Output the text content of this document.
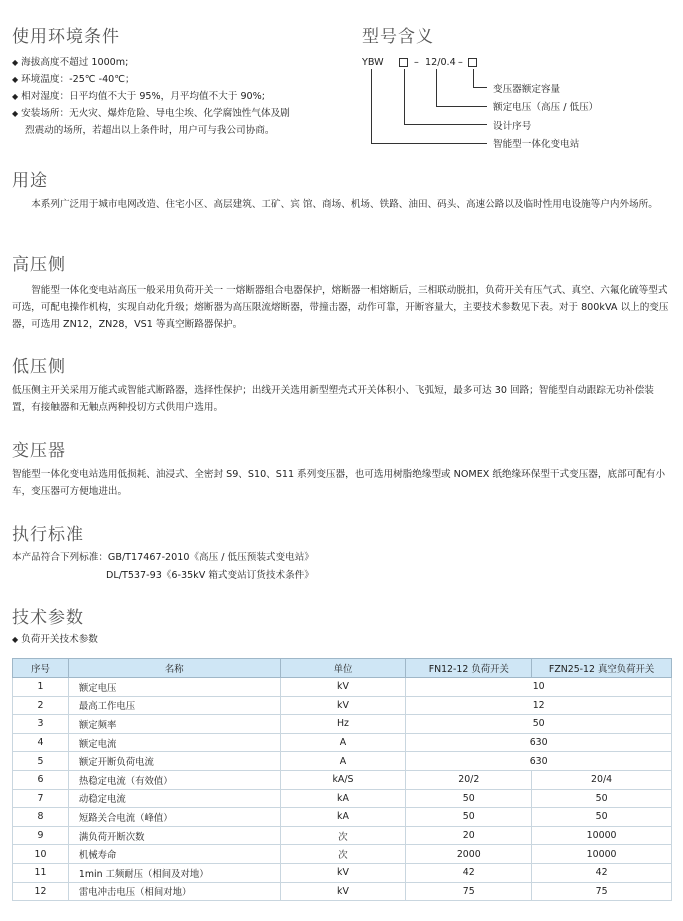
使用环境条件
◆ 海拔高度不超过 1000m;
◆ 环境温度：-25℃ -40℃；
◆ 相对湿度：日平均值不大于 95%，月平均值不大于 90%;
◆ 安装场所：无火灾、爆炸危险、导电尘埃、化学腐蚀性气体及剧
烈震动的场所，若超出以上条件时，用户可与我公司协商。
型号含义
YBW	– 12/0.4 –
变压器额定容量
额定电压（高压 / 低压）
设计序号
智能型一体化变电站
用途
本系列广泛用于城市电网改造、住宅小区、高层建筑、工矿、宾 馆、商场、机场、铁路、油田、码头、高速公路以及临时性用电设施等户内外场所。
高压侧
智能型一体化变电站高压一般采用负荷开关一 一熔断器组合电器保护，熔断器一相熔断后，三相联动脱扣，负荷开关有压气式、真空、六氟化硫等型式可选，可配电操作机构，实现自动化升级；熔断器为高压限流熔断器，带撞击器，动作可靠，开断容量大，主要技术参数见下表。对于 800kVA 以上的变压器，可选用 ZN12，ZN28，VS1 等真空断路器保护。
低压侧
低压侧主开关采用万能式或智能式断路器，选择性保护；出线开关选用新型塑壳式开关体积小、飞弧短，最多可达 30 回路；智能型自动跟踪无功补偿装置，有接触器和无触点两种投切方式供用户选用。
变压器
智能型一体化变电站选用低损耗、油浸式、全密封 S9、S10、S11 系列变压器，也可选用树脂绝缘型或 NOMEX 纸绝缘环保型干式变压器，底部可配有小车，变压器可方便地进出。
执行标准
本产品符合下列标准：GB/T17467-2010《高压 / 低压预装式变电站》
DL/T537-93《6-35kV 箱式变站订货技术条件》
技术参数
◆ 负荷开关技术参数
序号	名称	单位	FN12-12 负荷开关	FZN25-12 真空负荷开关
1	额定电压	kV	10	
2	最高工作电压	kV	12	
3	额定频率	Hz	50	
4	额定电流	A	630	
5	额定开断负荷电流	A	630	
6	热稳定电流（有效值）	kA/S	20/2	20/4
7	动稳定电流	kA	50	50
8	短路关合电流（峰值）	kA	50	50
9	满负荷开断次数	次	20	10000
10	机械寿命	次	2000	10000
11	1min 工频耐压（相间及对地）	kV	42	42
12	雷电冲击电压（相间对地）	kV	75	75
